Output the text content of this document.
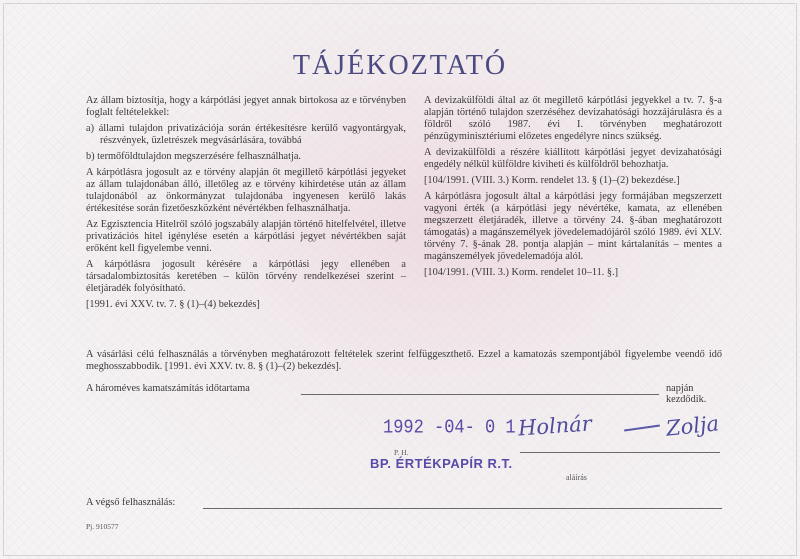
TÁJÉKOZTATÓ

Az állam biztosítja, hogy a kárpótlási jegyet annak birtokosa az e törvényben foglalt feltételekkel:

a) állami tulajdon privatizációja során értékesítésre kerülő vagyontárgyak, részvények, üzletrészek megvásárlására, továbbá

b) termőföldtulajdon megszerzésére felhasználhatja.

A kárpótlásra jogosult az e törvény alapján őt megillető kárpótlási jegyeket az állam tulajdonában álló, illetőleg az e törvény kihirdetése után az állam tulajdonából az önkormányzat tulajdonába ingyenesen kerülő lakás értékesítése során fizetőeszközként névértékben felhasználhatja.

Az Egzisztencia Hitelről szóló jogszabály alapján történő hitelfelvétel, illetve privatizációs hitel igénylése esetén a kárpótlási jegyet névértékben saját erőként kell figyelembe venni.

A kárpótlásra jogosult kérésére a kárpótlási jegy ellenében a társadalombiztosítás keretében – külön törvény rendelkezései szerint – életjáradék folyósítható.

[1991. évi XXV. tv. 7. § (1)–(4) bekezdés]

A devizakülföldi által az őt megillető kárpótlási jegyekkel a tv. 7. §-a alapján történő tulajdon szerzéséhez devizahatósági hozzájárulásra és a földről szóló 1987. évi I. törvényben meghatározott pénzügyminisztériumi előzetes engedélyre nincs szükség.

A devizakülföldi a részére kiállított kárpótlási jegyet devizahatósági engedély nélkül külföldre kiviheti és külföldről behozhatja.

[104/1991. (VIII. 3.) Korm. rendelet 13. § (1)–(2) bekezdése.]

A kárpótlásra jogosult által a kárpótlási jegy formájában megszerzett vagyoni érték (a kárpótlási jegy névértéke, kamata, az ellenében megszerzett életjáradék, illetve a törvény 24. §-ában meghatározott támogatás) a magánszemélyek jövedelemadójáról szóló 1989. évi XLV. törvény 7. §-ának 28. pontja alapján – mint kártalanítás – mentes a magánszemélyek jövedelemadója alól.

[104/1991. (VIII. 3.) Korm. rendelet 10–11. §.]

A vásárlási célú felhasználás a törvényben meghatározott feltételek szerint felfüggeszthető. Ezzel a kamatozás szempontjából figyelembe veendő idő meghosszabbodik. [1991. évi XXV. tv. 8. § (1)–(2) bekezdés].
A hároméves kamatszámítás időtartama	napján kezdődik.
1992 -04- 0 1 Holnár	Zolja
P. H.
BP. ÉRTÉKPAPÍR R.T.
aláírás
A végső felhasználás:
Pj. 910577
